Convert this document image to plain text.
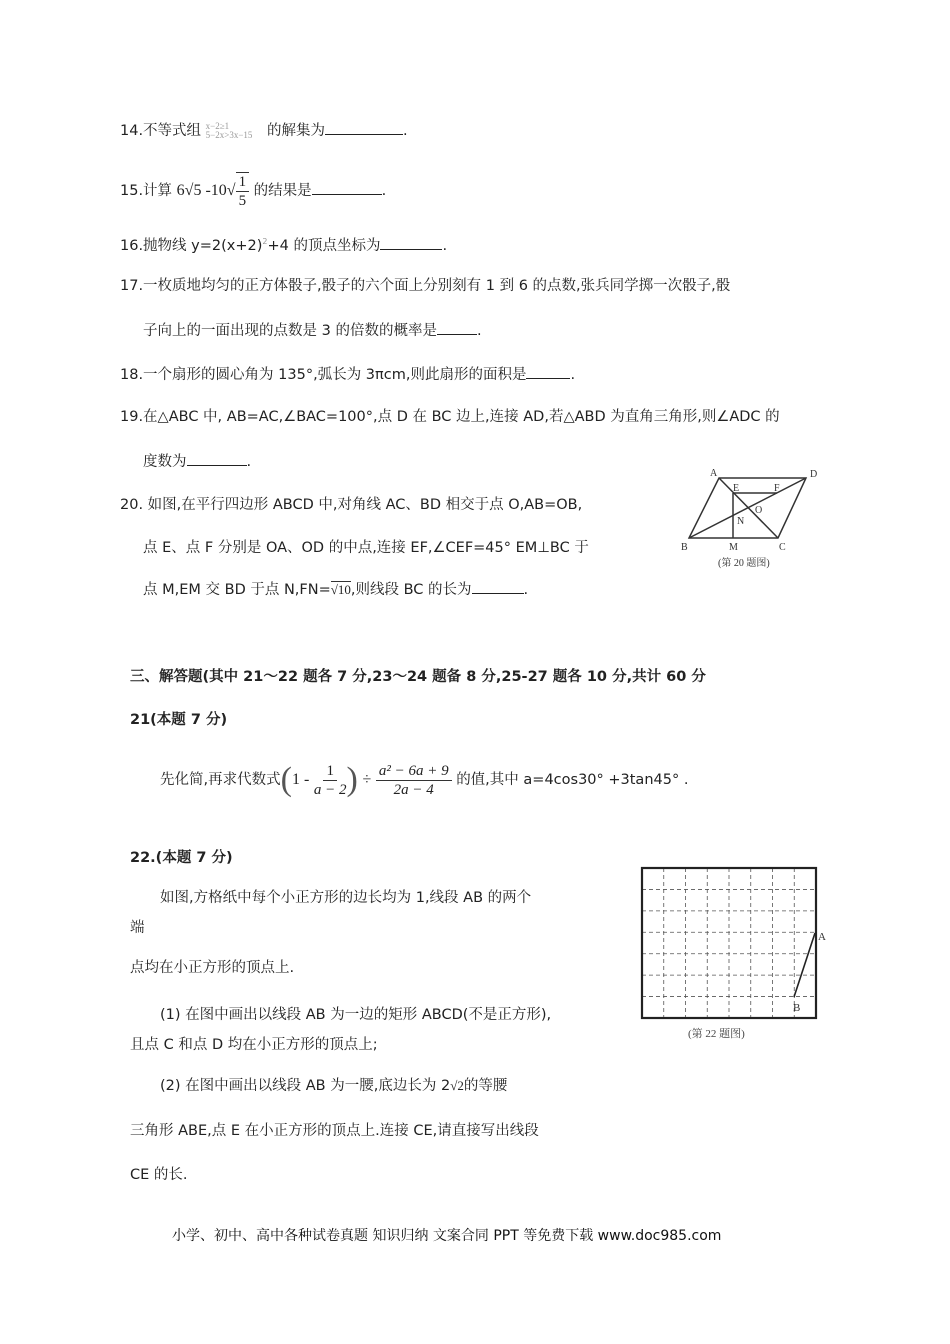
14.不等式组 x−2≥1
5−2x>3x−15 的解集为	.
15.计算 6√5 $-10√ \frac{1}{5}$ 的结果是	.
16.抛物线 $y=2(x+2)^2+4$ 的顶点坐标为	.
17.一枚质地均匀的正方体骰子,骰子的六个面上分别刻有 1 到 6 的点数,张兵同学掷一次骰子,骰
子向上的一面出现的点数是 3 的倍数的概率是	.
18.一个扇形的圆心角为 135°,弧长为 3πcm,则此扇形的面积是	.
19.在△ABC 中, AB=AC,∠BAC=100°,点 D 在 BC 边上,连接 AD,若△ABD 为直角三角形,则∠ADC 的
度数为	.
20. 如图,在平行四边形 ABCD 中,对角线 AC、BD 相交于点 O,AB=OB,
点 E、点 F 分别是 OA、OD 的中点,连接 EF,∠CEF=45° EM⊥BC 于
点 M,EM 交 BD 于点 N,FN=√10,则线段 BC 的长为	.
A	D
E	F
O
N
B	M	C
(第 20 题图)
三、解答题(其中 21～22 题各 7 分,23～24 题备 8 分,25-27 题各 10 分,共计 60 分
21(本题 7 分)
先化简,再求代数式($1 - \frac{1}{a - 2}$ ) ÷ $\frac{\text{a² − 6a + 9}}{2a - 4}$ 的值,其中 a=4cos30° +3tan45° .
22.(本题 7 分)
如图,方格纸中每个小正方形的边长均为 1,线段 AB 的两个
端
点均在小正方形的顶点上.
(1) 在图中画出以线段 AB 为一边的矩形 ABCD(不是正方形),
且点 C 和点 D 均在小正方形的顶点上;
(2) 在图中画出以线段 AB 为一腰,底边长为 2√2的等腰
三角形 ABE,点 E 在小正方形的顶点上.连接 CE,请直接写出线段
CE 的长.
A
B
(第 22 题图)
小学、初中、高中各种试卷真题 知识归纳 文案合同 PPT 等免费下载 www.doc985.com
